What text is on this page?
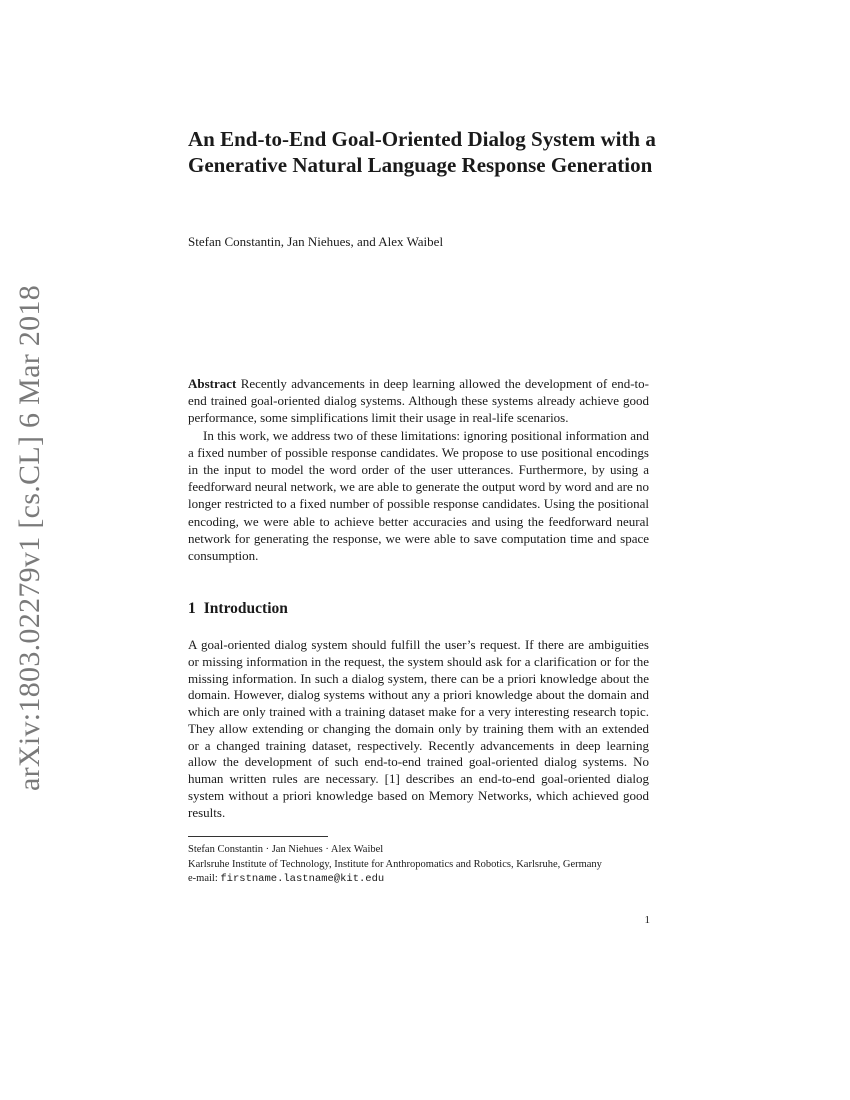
arXiv:1803.02279v1 [cs.CL] 6 Mar 2018
An End-to-End Goal-Oriented Dialog System with a Generative Natural Language Response Generation
Stefan Constantin, Jan Niehues, and Alex Waibel

Abstract Recently advancements in deep learning allowed the development of end-to-end trained goal-oriented dialog systems. Although these systems already achieve good performance, some simplifications limit their usage in real-life scenarios.

In this work, we address two of these limitations: ignoring positional information and a fixed number of possible response candidates. We propose to use positional encodings in the input to model the word order of the user utterances. Furthermore, by using a feedforward neural network, we are able to generate the output word by word and are no longer restricted to a fixed number of possible response candidates. Using the positional encoding, we were able to achieve better accuracies and using the feedforward neural network for generating the response, we were able to save computation time and space consumption.

1 Introduction

A goal-oriented dialog system should fulfill the user’s request. If there are ambiguities or missing information in the request, the system should ask for a clarification or for the missing information. In such a dialog system, there can be a priori knowledge about the domain. However, dialog systems without any a priori knowledge about the domain and which are only trained with a training dataset make for a very interesting research topic. They allow extending or changing the domain only by training them with an extended or a changed training dataset, respectively. Recently advancements in deep learning allow the development of such end-to-end trained goal-oriented dialog systems. No human written rules are necessary. [1] describes an end-to-end goal-oriented dialog system without a priori knowledge based on Memory Networks, which achieved good results.

Stefan Constantin · Jan Niehues · Alex Waibel
Karlsruhe Institute of Technology, Institute for Anthropomatics and Robotics, Karlsruhe, Germany
e-mail: firstname.lastname@kit.edu
1
